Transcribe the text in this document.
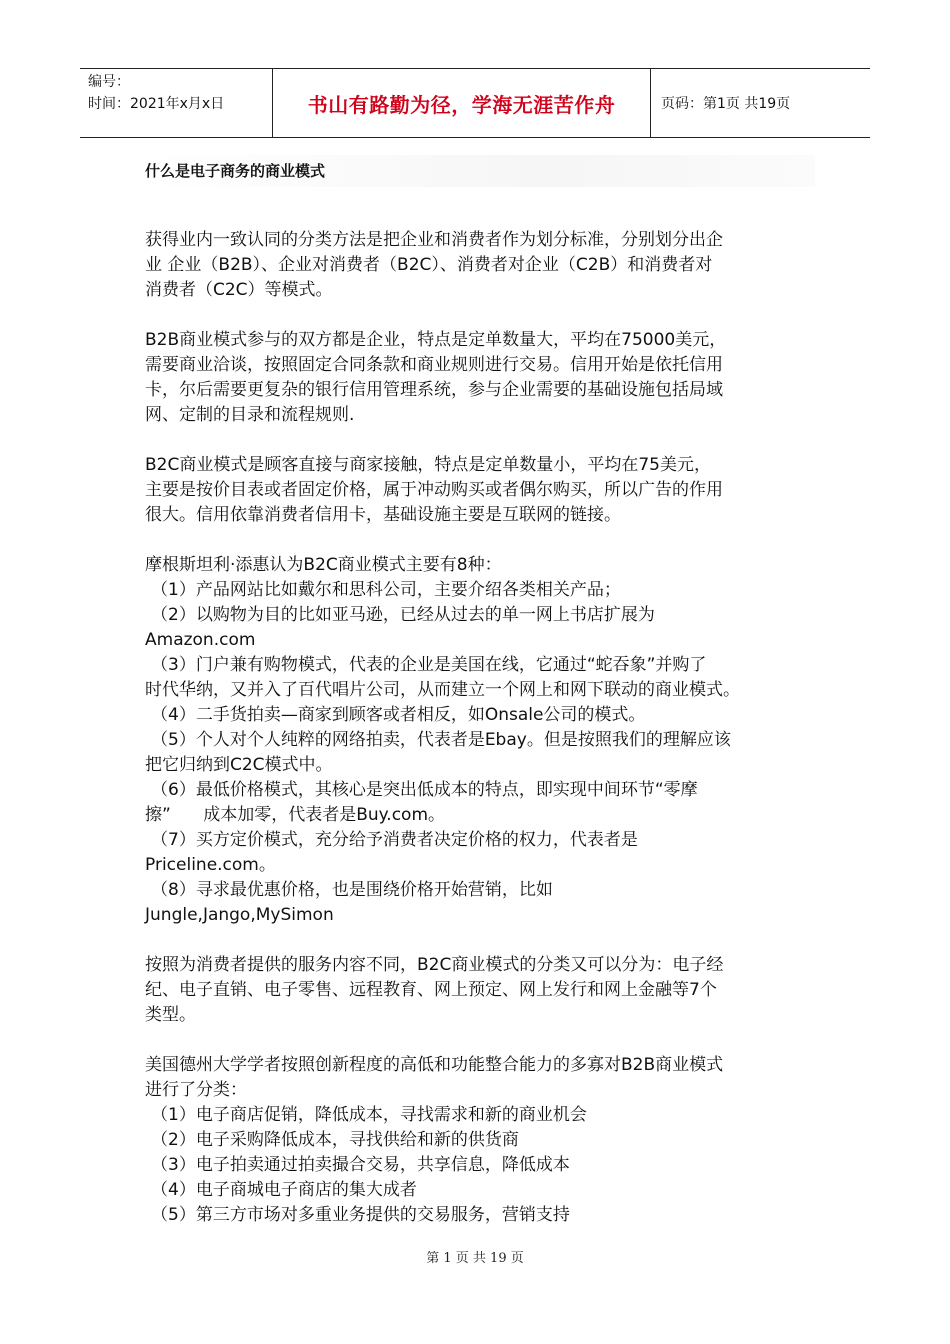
编号：
时间：2021年x月x日	书山有路勤为径，学海无涯苦作舟	页码：第1页 共19页
什么是电子商务的商业模式

获得业内一致认同的分类方法是把企业和消费者作为划分标准，分别划分出企

业 企业（B2B）、企业对消费者（B2C）、消费者对企业（C2B）和消费者对

消费者（C2C）等模式。

B2B商业模式参与的双方都是企业，特点是定单数量大，平均在75000美元，

需要商业洽谈，按照固定合同条款和商业规则进行交易。信用开始是依托信用

卡，尔后需要更复杂的银行信用管理系统，参与企业需要的基础设施包括局域

网、定制的目录和流程规则.

B2C商业模式是顾客直接与商家接触，特点是定单数量小，平均在75美元，

主要是按价目表或者固定价格，属于冲动购买或者偶尔购买，所以广告的作用

很大。信用依靠消费者信用卡，基础设施主要是互联网的链接。

摩根斯坦利·添惠认为B2C商业模式主要有8种：

（1）产品网站比如戴尔和思科公司，主要介绍各类相关产品；

（2）以购物为目的比如亚马逊，已经从过去的单一网上书店扩展为

Amazon.com

（3）门户兼有购物模式，代表的企业是美国在线，它通过“蛇吞象”并购了

时代华纳，又并入了百代唱片公司，从而建立一个网上和网下联动的商业模式。

（4）二手货拍卖—商家到顾客或者相反，如Onsale公司的模式。

（5）个人对个人纯粹的网络拍卖，代表者是Ebay。但是按照我们的理解应该

把它归纳到C2C模式中。

（6）最低价格模式，其核心是突出低成本的特点，即实现中间环节“零摩

擦”      成本加零，代表者是Buy.com。

（7）买方定价模式，充分给予消费者决定价格的权力，代表者是

Priceline.com。

（8）寻求最优惠价格，也是围绕价格开始营销，比如

Jungle,Jango,MySimon

按照为消费者提供的服务内容不同，B2C商业模式的分类又可以分为：电子经

纪、电子直销、电子零售、远程教育、网上预定、网上发行和网上金融等7个

类型。

美国德州大学学者按照创新程度的高低和功能整合能力的多寡对B2B商业模式

进行了分类：

（1）电子商店促销，降低成本，寻找需求和新的商业机会

（2）电子采购降低成本，寻找供给和新的供货商

（3）电子拍卖通过拍卖撮合交易，共享信息，降低成本

（4）电子商城电子商店的集大成者

（5）第三方市场对多重业务提供的交易服务，营销支持

第 1 页 共 19 页
